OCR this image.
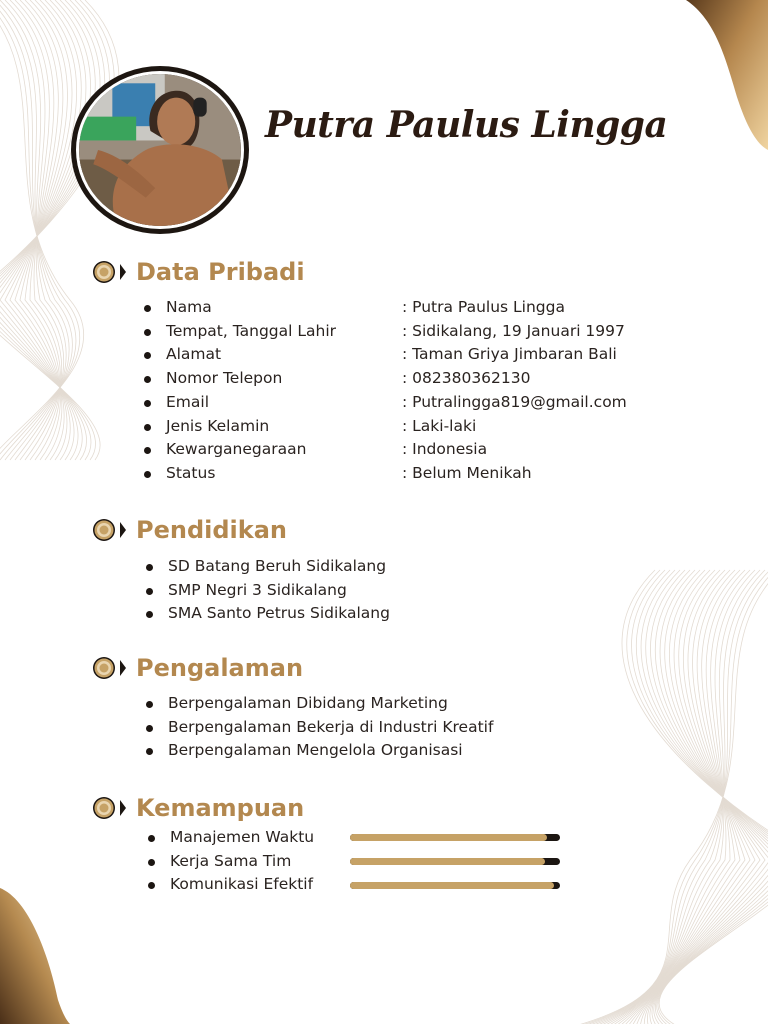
Putra Paulus Lingga
Data Pribadi
Nama	: Putra Paulus Lingga
Tempat, Tanggal Lahir	: Sidikalang, 19 Januari 1997
Alamat	: Taman Griya Jimbaran Bali
Nomor Telepon	: 082380362130
Email	: Putralingga819@gmail.com
Jenis Kelamin	: Laki-laki
Kewarganegaraan	: Indonesia
Status	: Belum Menikah
Pendidikan
SD Batang Beruh Sidikalang
SMP Negri 3 Sidikalang
SMA Santo Petrus Sidikalang
Pengalaman
Berpengalaman Dibidang Marketing
Berpengalaman Bekerja di Industri Kreatif
Berpengalaman Mengelola Organisasi
Kemampuan
Manajemen Waktu
Kerja Sama Tim
Komunikasi Efektif
